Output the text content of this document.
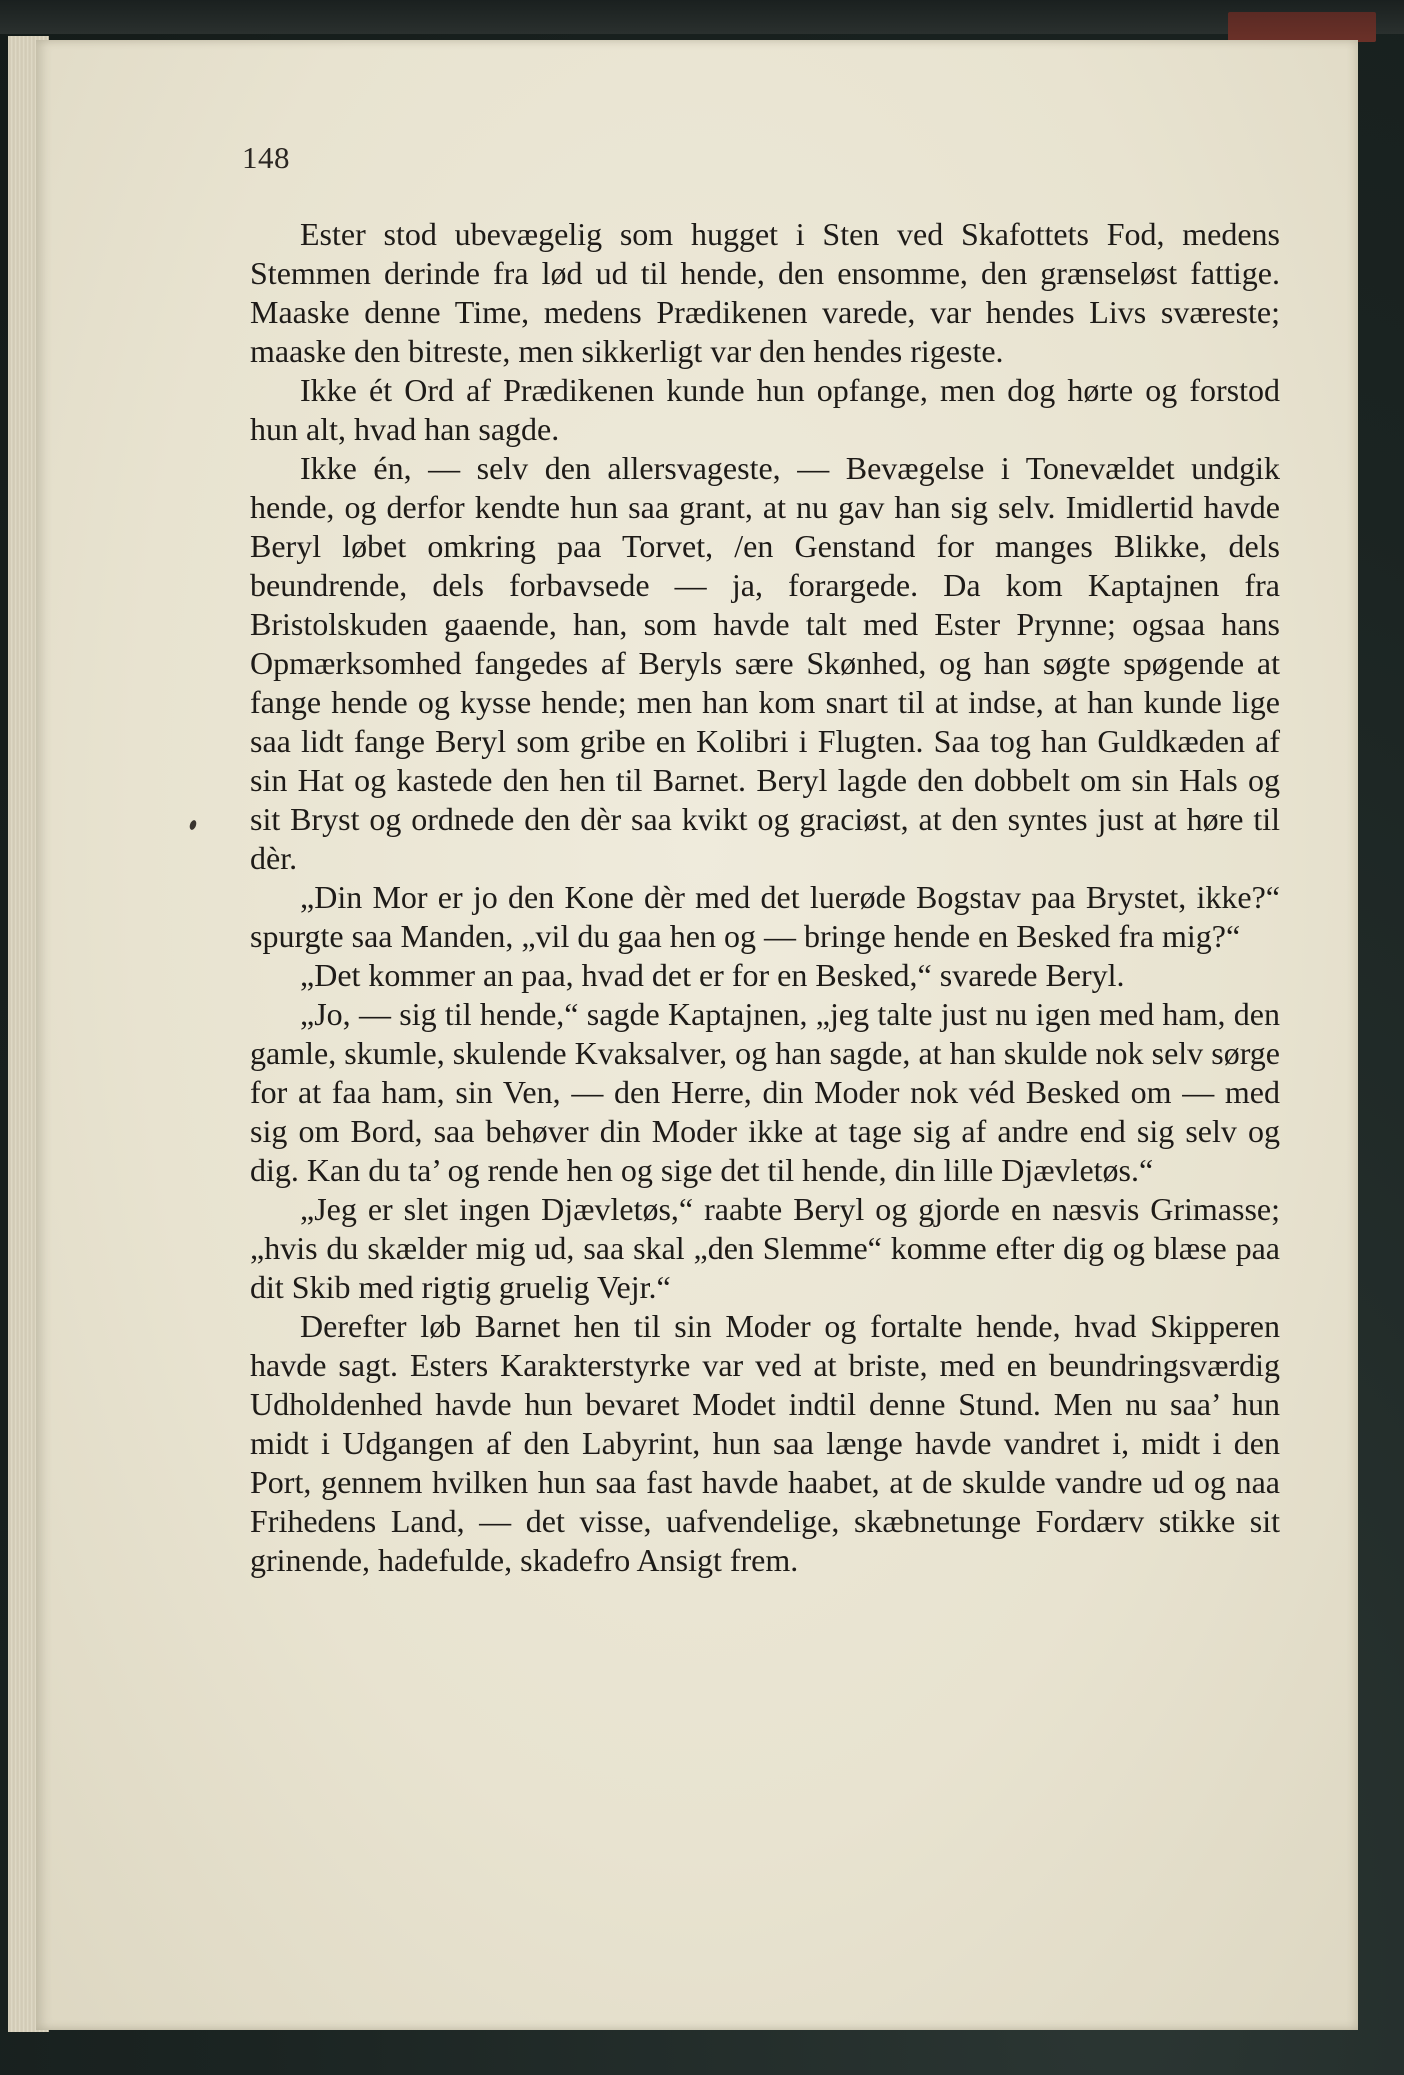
148

Ester stod ubevægelig som hugget i Sten ved Skafottets Fod, medens Stemmen derinde fra lød ud til hende, den ensomme, den grænseløst fattige. Maaske denne Time, medens Prædikenen varede, var hendes Livs sværeste; maaske den bitreste, men sikkerligt var den hendes rigeste.

Ikke ét Ord af Prædikenen kunde hun opfange, men dog hørte og forstod hun alt, hvad han sagde.

Ikke én, — selv den allersvageste, — Bevægelse i Tonevældet undgik hende, og derfor kendte hun saa grant, at nu gav han sig selv. Imidlertid havde Beryl løbet omkring paa Torvet, /en Genstand for manges Blikke, dels beundrende, dels forbavsede — ja, forargede. Da kom Kaptajnen fra Bristolskuden gaaende, han, som havde talt med Ester Prynne; ogsaa hans Opmærksomhed fangedes af Beryls sære Skønhed, og han søgte spøgende at fange hende og kysse hende; men han kom snart til at indse, at han kunde lige saa lidt fange Beryl som gribe en Kolibri i Flugten. Saa tog han Guldkæden af sin Hat og kastede den hen til Barnet. Beryl lagde den dobbelt om sin Hals og sit Bryst og ordnede den dèr saa kvikt og graciøst, at den syntes just at høre til dèr.

„Din Mor er jo den Kone dèr med det luerøde Bogstav paa Brystet, ikke?“ spurgte saa Manden, „vil du gaa hen og — bringe hende en Besked fra mig?“

„Det kommer an paa, hvad det er for en Besked,“ svarede Beryl.

„Jo, — sig til hende,“ sagde Kaptajnen, „jeg talte just nu igen med ham, den gamle, skumle, skulende Kvaksalver, og han sagde, at han skulde nok selv sørge for at faa ham, sin Ven, — den Herre, din Moder nok véd Besked om — med sig om Bord, saa behøver din Moder ikke at tage sig af andre end sig selv og dig. Kan du ta’ og rende hen og sige det til hende, din lille Djævletøs.“

„Jeg er slet ingen Djævletøs,“ raabte Beryl og gjorde en næsvis Grimasse; „hvis du skælder mig ud, saa skal „den Slemme“ komme efter dig og blæse paa dit Skib med rigtig gruelig Vejr.“

Derefter løb Barnet hen til sin Moder og fortalte hende, hvad Skipperen havde sagt. Esters Karakterstyrke var ved at briste, med en beundringsværdig Udholdenhed havde hun bevaret Modet indtil denne Stund. Men nu saa’ hun midt i Udgangen af den Labyrint, hun saa længe havde vandret i, midt i den Port, gennem hvilken hun saa fast havde haabet, at de skulde vandre ud og naa Frihedens Land, — det visse, uafvendelige, skæbnetunge Fordærv stikke sit grinende, hadefulde, skadefro Ansigt frem.
